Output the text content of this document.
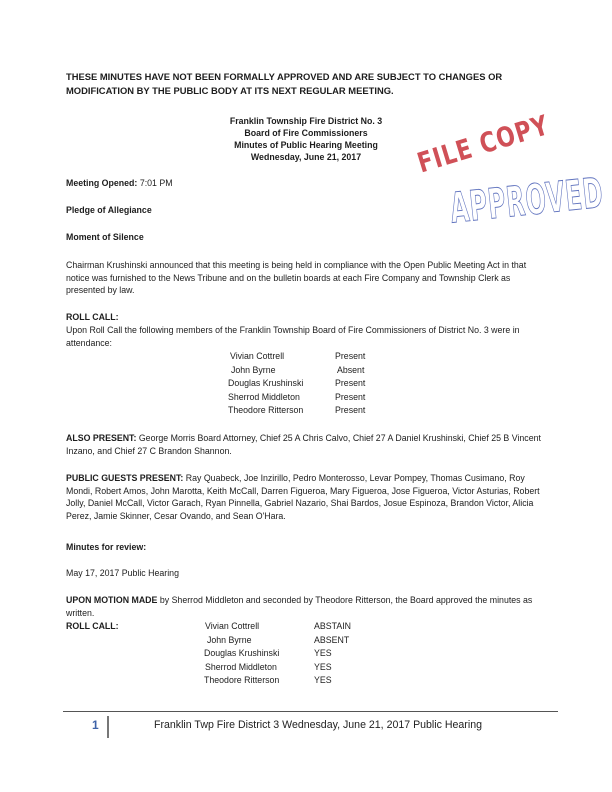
THESE MINUTES HAVE NOT BEEN FORMALLY APPROVED AND ARE SUBJECT TO CHANGES OR MODIFICATION BY THE PUBLIC BODY AT ITS NEXT REGULAR MEETING.
Franklin Township Fire District No. 3
Board of Fire Commissioners
Minutes of Public Hearing Meeting
Wednesday, June 21, 2017	FILE COPY
APPROVED
Meeting Opened: 7:01 PM
Pledge of Allegiance
Moment of Silence
Chairman Krushinski announced that this meeting is being held in compliance with the Open Public Meeting Act in that notice was furnished to the News Tribune and on the bulletin boards at each Fire Company and Township Clerk as presented by law.
ROLL CALL:
Upon Roll Call the following members of the Franklin Township Board of Fire Commissioners of District No. 3 were in attendance:
Vivian Cottrell	Present
John Byrne	Absent
Douglas Krushinski	Present
Sherrod Middleton	Present
Theodore Ritterson	Present
ALSO PRESENT: George Morris Board Attorney, Chief 25 A Chris Calvo, Chief 27 A Daniel Krushinski, Chief 25 B Vincent Inzano, and Chief 27 C Brandon Shannon.
PUBLIC GUESTS PRESENT: Ray Quabeck, Joe Inzirillo, Pedro Monterosso, Levar Pompey, Thomas Cusimano, Roy Mondi, Robert Amos, John Marotta, Keith McCall, Darren Figueroa, Mary Figueroa, Jose Figueroa, Victor Asturias, Robert Jolly, Daniel McCall, Victor Garach, Ryan Pinnella, Gabriel Nazario, Shai Bardos, Josue Espinoza, Brandon Victor, Alicia Perez, Jamie Skinner, Cesar Ovando, and Sean O'Hara.
Minutes for review:
May 17, 2017 Public Hearing
UPON MOTION MADE by Sherrod Middleton and seconded by Theodore Ritterson, the Board approved the minutes as written.
ROLL CALL:	Vivian Cottrell	ABSTAIN
John Byrne	ABSENT
Douglas Krushinski	YES
Sherrod Middleton	YES
Theodore Ritterson	YES
1	Franklin Twp Fire District 3 Wednesday, June 21, 2017 Public Hearing
